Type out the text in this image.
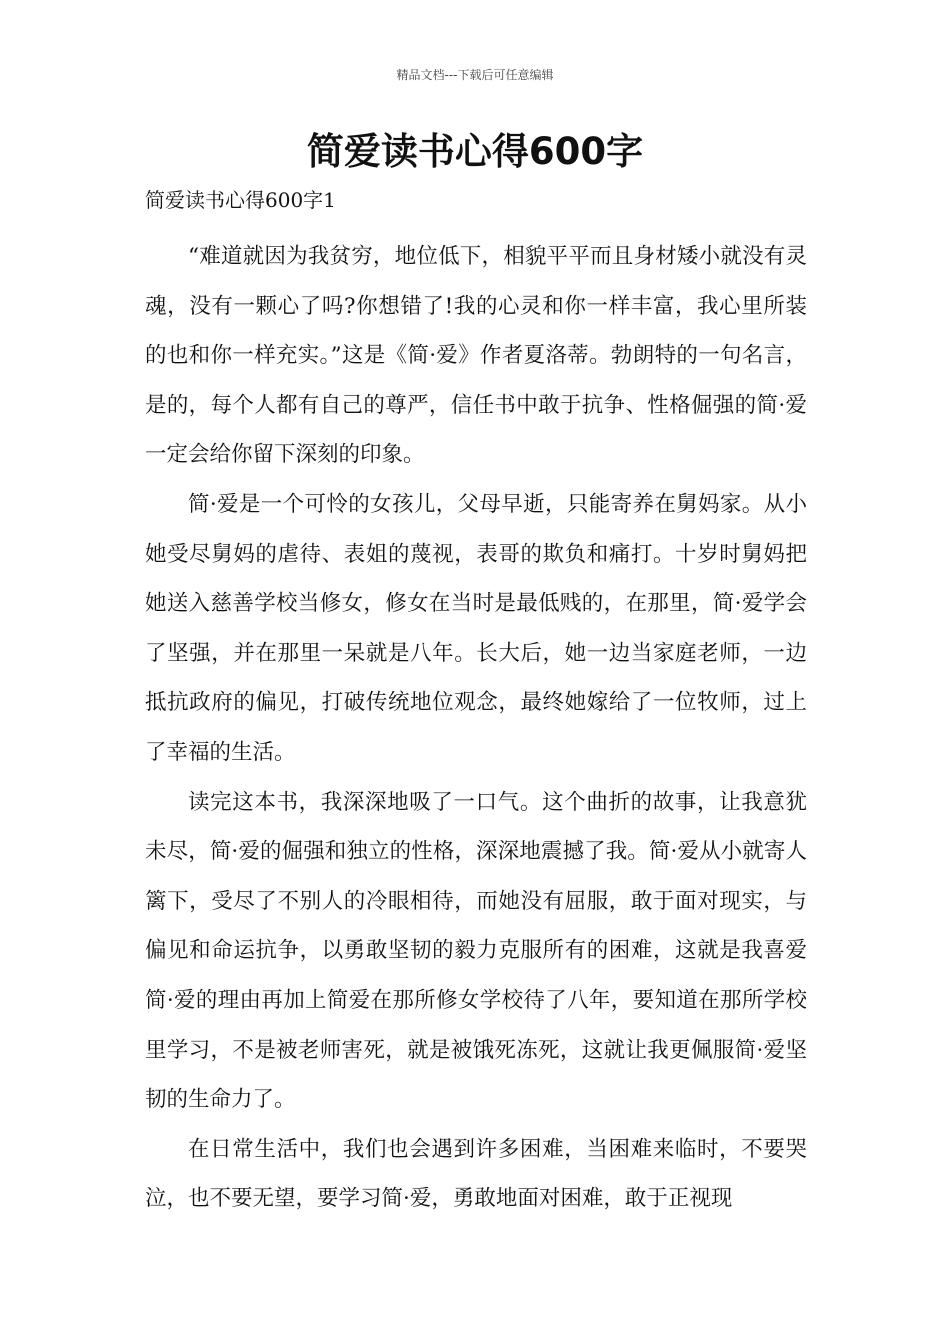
精品文档---下载后可任意编辑
简爱读书心得600字
简爱读书心得600字1

“难道就因为我贫穷，地位低下，相貌平平而且身材矮小就没有灵魂，没有一颗心了吗?你想错了!我的心灵和你一样丰富，我心里所装的也和你一样充实。”这是《简·爱》作者夏洛蒂。勃朗特的一句名言，是的，每个人都有自己的尊严，信任书中敢于抗争、性格倔强的简·爱一定会给你留下深刻的印象。

简·爱是一个可怜的女孩儿，父母早逝，只能寄养在舅妈家。从小她受尽舅妈的虐待、表姐的蔑视，表哥的欺负和痛打。十岁时舅妈把她送入慈善学校当修女，修女在当时是最低贱的，在那里，简·爱学会了坚强，并在那里一呆就是八年。长大后，她一边当家庭老师，一边抵抗政府的偏见，打破传统地位观念，最终她嫁给了一位牧师，过上了幸福的生活。

读完这本书，我深深地吸了一口气。这个曲折的故事，让我意犹未尽，简·爱的倔强和独立的性格，深深地震撼了我。简·爱从小就寄人篱下，受尽了不别人的冷眼相待，而她没有屈服，敢于面对现实，与偏见和命运抗争，以勇敢坚韧的毅力克服所有的困难，这就是我喜爱简·爱的理由再加上简爱在那所修女学校待了八年，要知道在那所学校里学习，不是被老师害死，就是被饿死冻死，这就让我更佩服简·爱坚韧的生命力了。

在日常生活中，我们也会遇到许多困难，当困难来临时，不要哭泣，也不要无望，要学习简·爱，勇敢地面对困难，敢于正视现
